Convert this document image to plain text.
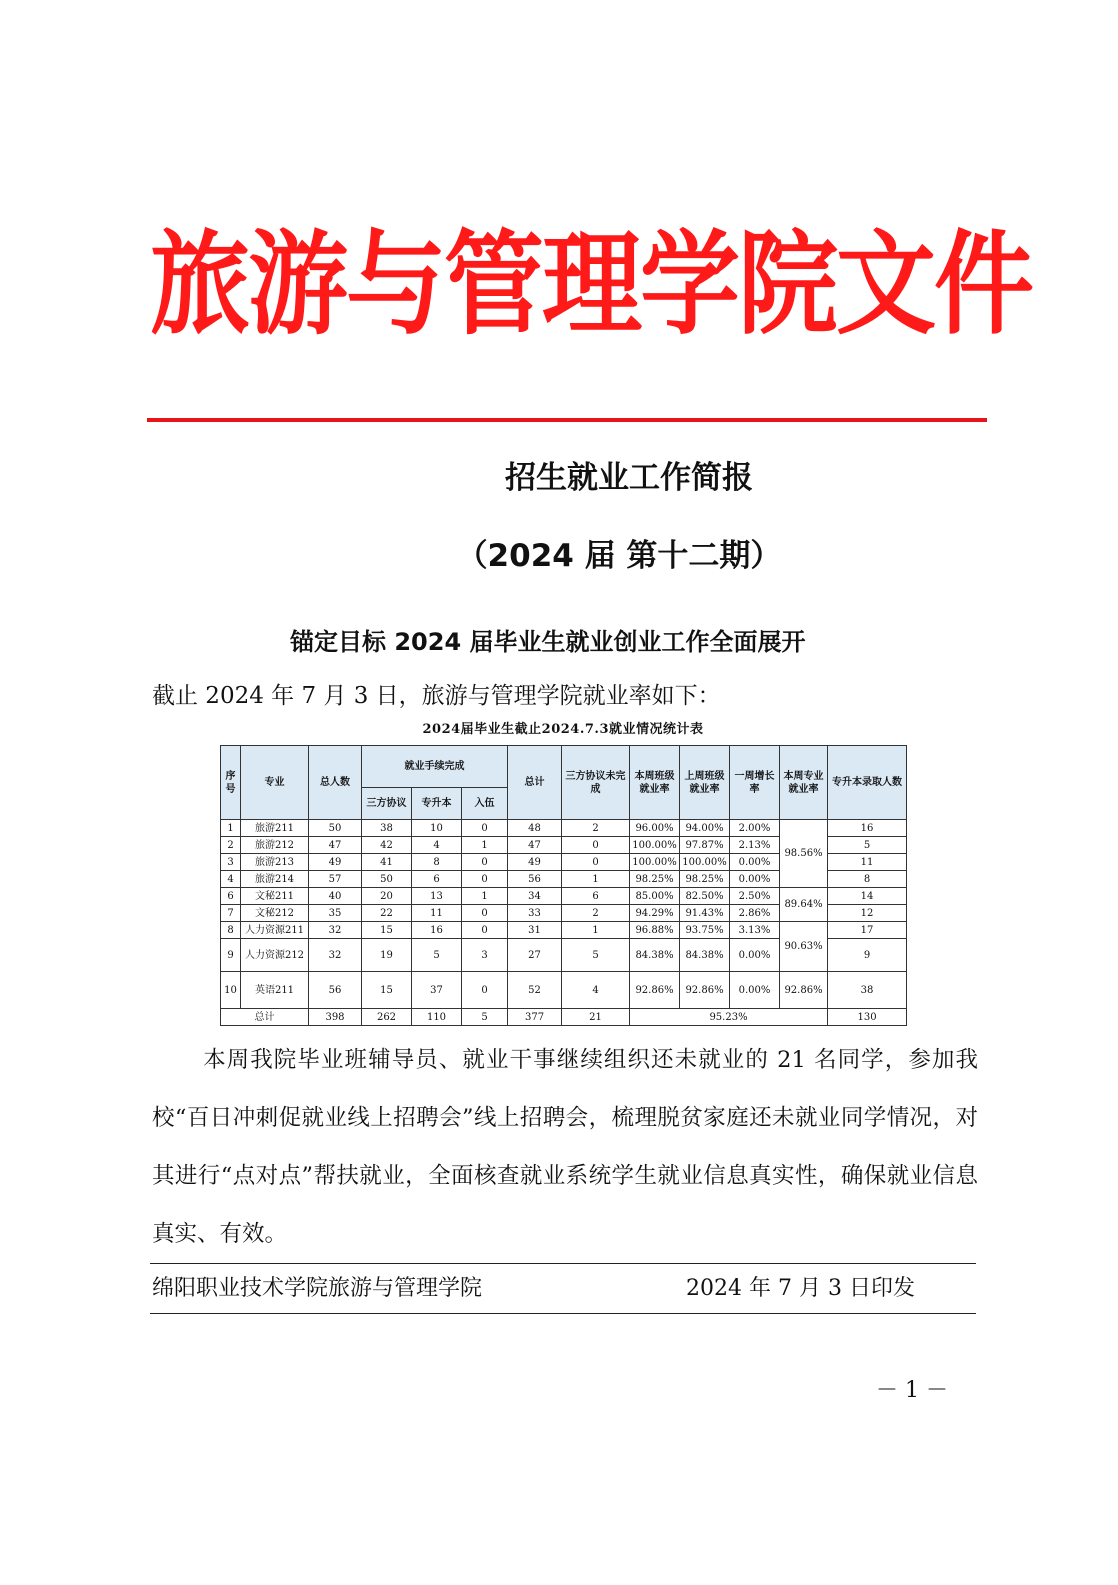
旅游与管理学院文件
招生就业工作简报
（2024 届 第十二期）
锚定目标 2024 届毕业生就业创业工作全面展开
截止 2024 年 7 月 3 日，旅游与管理学院就业率如下：
2024届毕业生截止2024.7.3就业情况统计表
序号	专业	总人数	就业手续完成			总计	三方协议未完成	本周班级就业率	上周班级就业率	一周增长率	本周专业就业率	专升本录取人数
			三方协议	专升本	入伍							
1	旅游211	50	38	10	0	48	2	96.00%	94.00%	2.00%	98.56%	16
2	旅游212	47	42	4	1	47	0	100.00%	97.87%	2.13%		5
3	旅游213	49	41	8	0	49	0	100.00%	100.00%	0.00%		11
4	旅游214	57	50	6	0	56	1	98.25%	98.25%	0.00%		8
6	文秘211	40	20	13	1	34	6	85.00%	82.50%	2.50%	89.64%	14
7	文秘212	35	22	11	0	33	2	94.29%	91.43%	2.86%		12
8	人力资源211	32	15	16	0	31	1	96.88%	93.75%	3.13%	90.63%	17
9	人力资源212	32	19	5	3	27	5	84.38%	84.38%	0.00%		9
10	英语211	56	15	37	0	52	4	92.86%	92.86%	0.00%	92.86%	38
总计		398	262	110	5	377	21	95.23%				130
本周我院毕业班辅导员、就业干事继续组织还未就业的 21 名同学，参加我校“百日冲刺促就业线上招聘会”线上招聘会，梳理脱贫家庭还未就业同学情况，对其进行“点对点”帮扶就业，全面核查就业系统学生就业信息真实性，确保就业信息真实、有效。
绵阳职业技术学院旅游与管理学院	2024 年 7 月 3 日印发
－ 1 －
